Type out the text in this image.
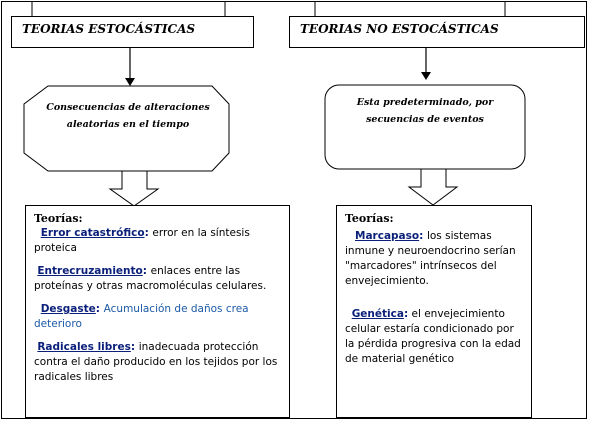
TEORIAS ESTOCÁSTICAS	TEORIAS NO ESTOCÁSTICAS
Consecuencias de alteraciones aleatorias en el tiempo
Esta predeterminado, por secuencias de eventos
Teorías:
Error catastrófico: error en la síntesis proteica
Entrecruzamiento: enlaces entre las proteínas y otras macromoléculas celulares.
Desgaste: Acumulación de daños crea deterioro
Radicales libres: inadecuada protección contra el daño producido en los tejidos por los radicales libres
Teorías:
Marcapaso: los sistemas inmune y neuroendocrino serían "marcadores" intrínsecos del envejecimiento.
Genética: el envejecimiento celular estaría condicionado por la pérdida progresiva con la edad de material genético
